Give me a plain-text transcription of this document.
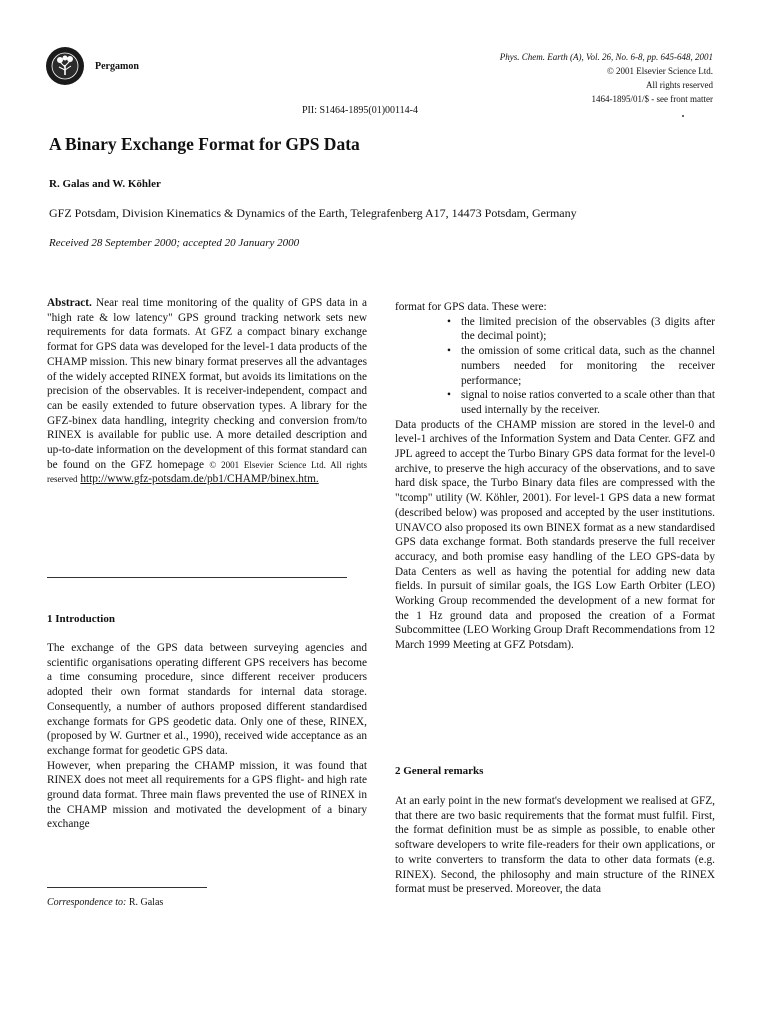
Pergamon
Phys. Chem. Earth (A), Vol. 26, No. 6-8, pp. 645-648, 2001
© 2001 Elsevier Science Ltd.
All rights reserved
1464-1895/01/$ - see front matter
PII: S1464-1895(01)00114-4
A Binary Exchange Format for GPS Data
R. Galas and W. Köhler
GFZ Potsdam, Division Kinematics & Dynamics of the Earth, Telegrafenberg A17, 14473 Potsdam, Germany
Received 28 September 2000; accepted 20 January 2000

Abstract. Near real time monitoring of the quality of GPS data in a "high rate & low latency" GPS ground tracking network sets new requirements for data formats. At GFZ a compact binary exchange format for GPS data was developed for the level-1 data products of the CHAMP mission. This new binary format preserves all the advantages of the widely accepted RINEX format, but avoids its limitations on the precision of the observables. It is receiver-independent, compact and can be easily extended to future observation types. A library for the GFZ-binex data handling, integrity checking and conversion from/to RINEX is available for public use. A more detailed description and up-to-date information on the development of this format standard can be found on the GFZ homepage © 2001 Elsevier Science Ltd. All rights reserved http://www.gfz-potsdam.de/pb1/CHAMP/binex.htm.

1 Introduction

The exchange of the GPS data between surveying agencies and scientific organisations operating different GPS receivers has become a time consuming procedure, since different receiver producers adopted their own format standards for internal data storage. Consequently, a number of authors proposed different standardised exchange formats for GPS geodetic data. Only one of these, RINEX, (proposed by W. Gurtner et al., 1990), received wide acceptance as an exchange format for geodetic GPS data.

However, when preparing the CHAMP mission, it was found that RINEX does not meet all requirements for a GPS flight- and high rate ground data format. Three main flaws prevented the use of RINEX in the CHAMP mission and motivated the development of a binary exchange

Correspondence to: R. Galas

format for GPS data. These were:

• the limited precision of the observables (3 digits after the decimal point);
• the omission of some critical data, such as the channel numbers needed for monitoring the receiver performance;
• signal to noise ratios converted to a scale other than that used internally by the receiver.

Data products of the CHAMP mission are stored in the level-0 and level-1 archives of the Information System and Data Center. GFZ and JPL agreed to accept the Turbo Binary GPS data format for the level-0 archive, to preserve the high accuracy of the observations, and to save hard disk space, the Turbo Binary data files are compressed with the "tcomp" utility (W. Köhler, 2001). For level-1 GPS data a new format (described below) was proposed and accepted by the user institutions. UNAVCO also proposed its own BINEX format as a new standardised GPS data exchange format. Both standards preserve the full receiver accuracy, and both promise easy handling of the LEO GPS-data by Data Centers as well as having the potential for adding new data fields. In pursuit of similar goals, the IGS Low Earth Orbiter (LEO) Working Group recommended the development of a new format for the 1 Hz ground data and proposed the creation of a Format Subcommittee (LEO Working Group Draft Recommendations from 12 March 1999 Meeting at GFZ Potsdam).

2 General remarks

At an early point in the new format's development we realised at GFZ, that there are two basic requirements that the format must fulfil. First, the format definition must be as simple as possible, to enable other software developers to write file-readers for their own applications, or to write converters to transform the data to other data formats (e.g. RINEX). Second, the philosophy and main structure of the RINEX format must be preserved. Moreover, the data
